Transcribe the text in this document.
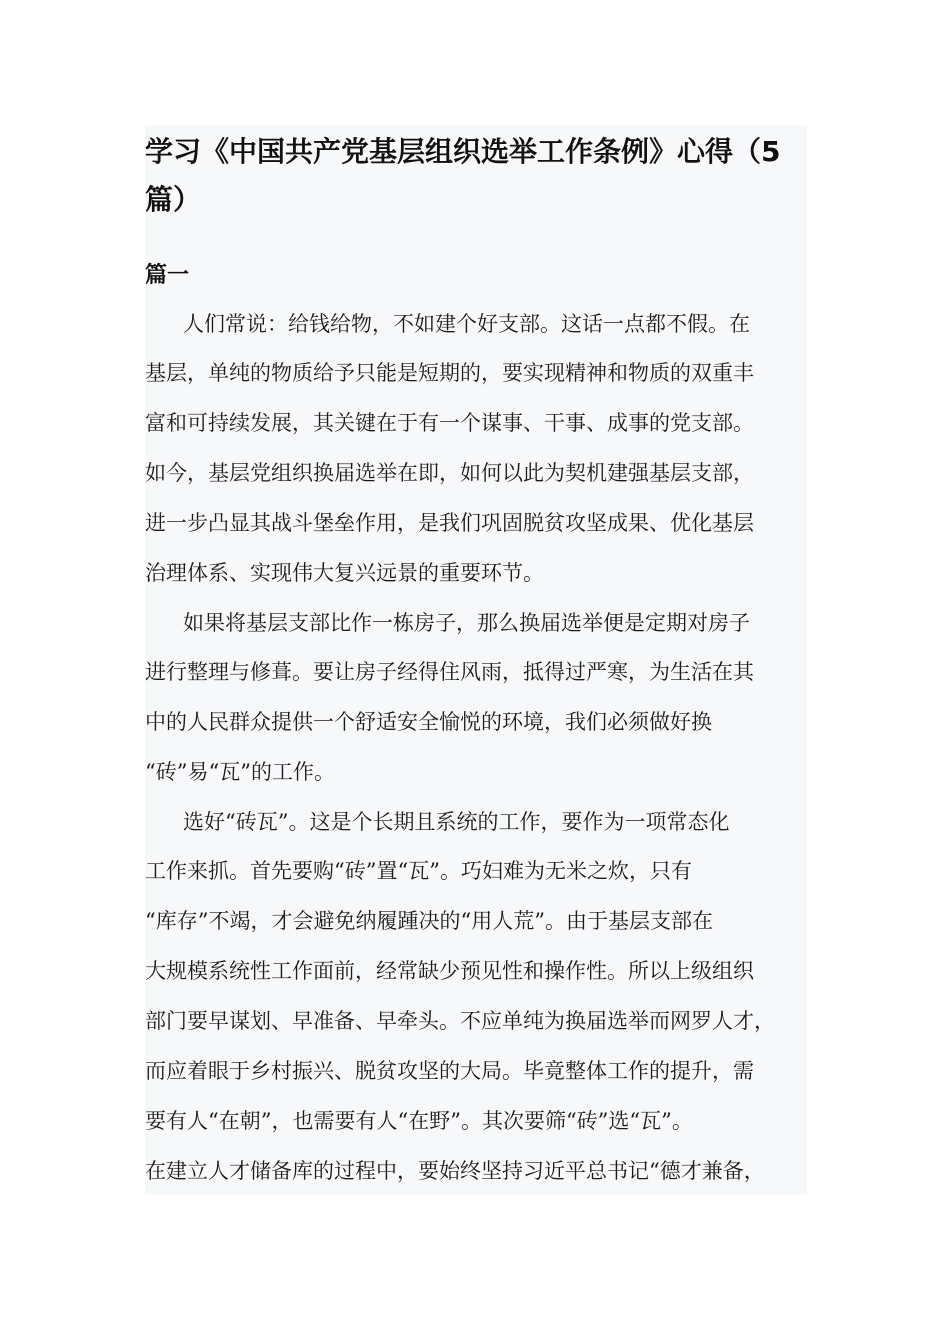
学习《中国共产党基层组织选举工作条例》心得（5
篇）
篇一

人们常说：给钱给物，不如建个好支部。这话一点都不假。在

基层，单纯的物质给予只能是短期的，要实现精神和物质的双重丰

富和可持续发展，其关键在于有一个谋事、干事、成事的党支部。

如今，基层党组织换届选举在即，如何以此为契机建强基层支部，

进一步凸显其战斗堡垒作用，是我们巩固脱贫攻坚成果、优化基层

治理体系、实现伟大复兴远景的重要环节。

如果将基层支部比作一栋房子，那么换届选举便是定期对房子

进行整理与修葺。要让房子经得住风雨，抵得过严寒，为生活在其

中的人民群众提供一个舒适安全愉悦的环境，我们必须做好换

“砖”易“瓦”的工作。

选好“砖瓦”。这是个长期且系统的工作，要作为一项常态化

工作来抓。首先要购“砖”置“瓦”。巧妇难为无米之炊，只有

“库存”不竭，才会避免纳履踵决的“用人荒”。由于基层支部在

大规模系统性工作面前，经常缺少预见性和操作性。所以上级组织

部门要早谋划、早准备、早牵头。不应单纯为换届选举而网罗人才，

而应着眼于乡村振兴、脱贫攻坚的大局。毕竟整体工作的提升，需

要有人“在朝”，也需要有人“在野”。其次要筛“砖”选“瓦”。

在建立人才储备库的过程中，要始终坚持习近平总书记“德才兼备，
